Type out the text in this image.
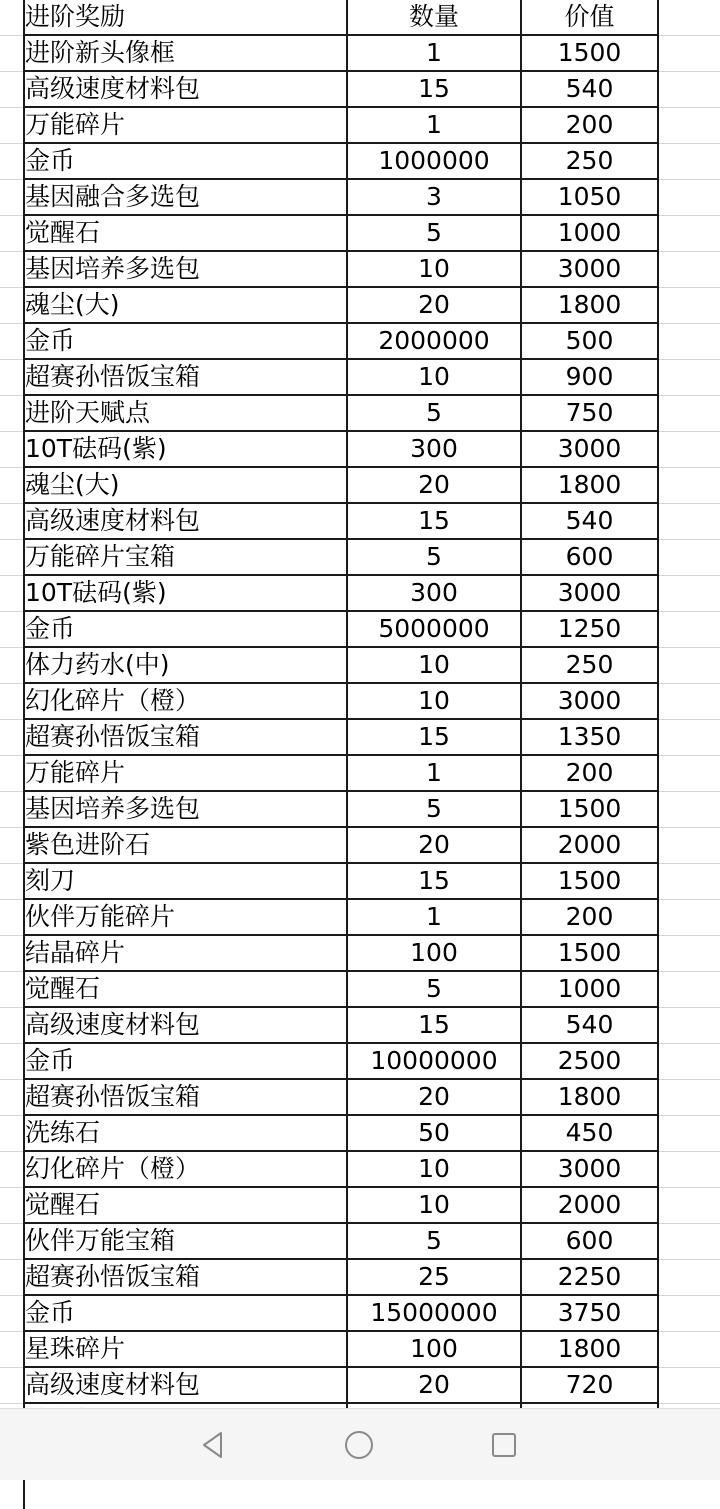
	进阶奖励	数量	价值	
	进阶新头像框	1	1500	
	高级速度材料包	15	540	
	万能碎片	1	200	
	金币	1000000	250	
	基因融合多选包	3	1050	
	觉醒石	5	1000	
	基因培养多选包	10	3000	
	魂尘(大)	20	1800	
	金币	2000000	500	
	超赛孙悟饭宝箱	10	900	
	进阶天赋点	5	750	
	10T砝码(紫)	300	3000	
	魂尘(大)	20	1800	
	高级速度材料包	15	540	
	万能碎片宝箱	5	600	
	10T砝码(紫)	300	3000	
	金币	5000000	1250	
	体力药水(中)	10	250	
	幻化碎片（橙）	10	3000	
	超赛孙悟饭宝箱	15	1350	
	万能碎片	1	200	
	基因培养多选包	5	1500	
	紫色进阶石	20	2000	
	刻刀	15	1500	
	伙伴万能碎片	1	200	
	结晶碎片	100	1500	
	觉醒石	5	1000	
	高级速度材料包	15	540	
	金币	10000000	2500	
	超赛孙悟饭宝箱	20	1800	
	洗练石	50	450	
	幻化碎片（橙）	10	3000	
	觉醒石	10	2000	
	伙伴万能宝箱	5	600	
	超赛孙悟饭宝箱	25	2250	
	金币	15000000	3750	
	星珠碎片	100	1800	
	高级速度材料包	20	720	
